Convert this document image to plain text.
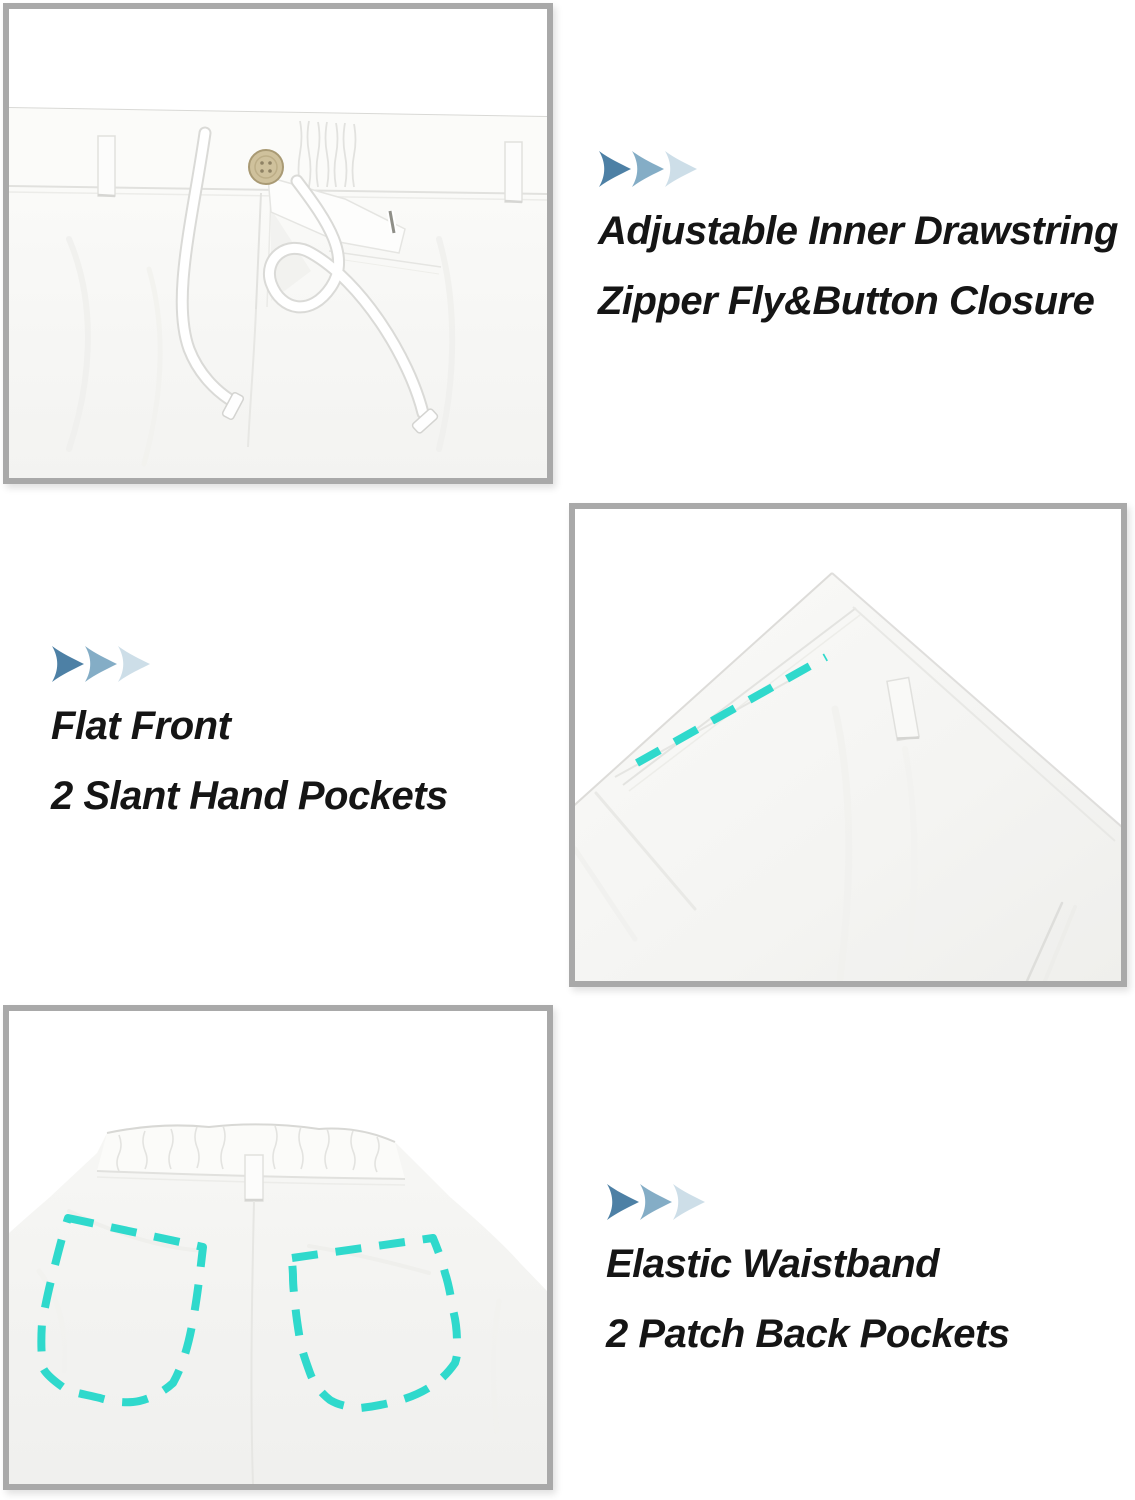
Adjustable Inner Drawstring
Zipper Fly&Button Closure
Flat Front
2 Slant Hand Pockets
Elastic Waistband
2 Patch Back Pockets
